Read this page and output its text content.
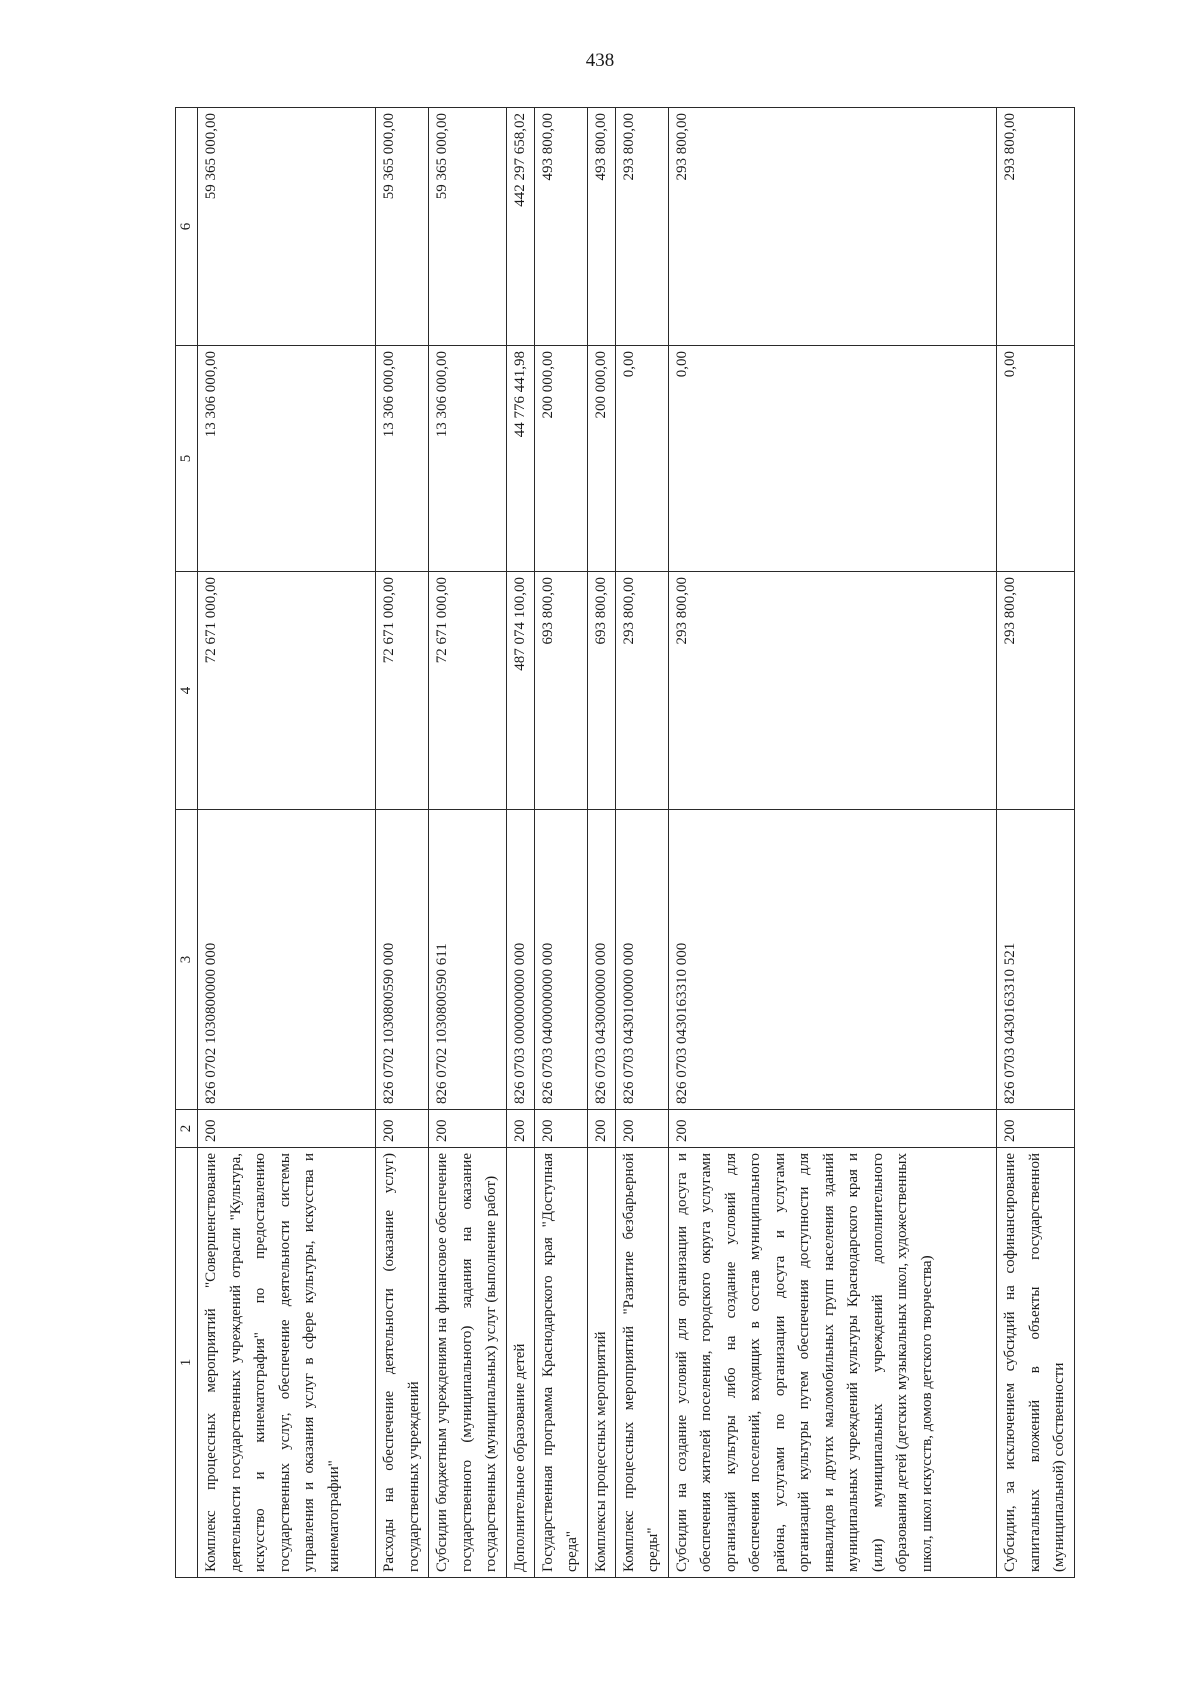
438
1	2	3	4	5	6
Комплекс процессных мероприятий "Совершенствование деятельности государственных учреждений отрасли "Культура, искусство и кинематография" по предоставлению государственных услуг, обеспечение деятельности системы управления и оказания услуг в сфере культуры, искусства и кинематографии"	200	826 0702 1030800000 000	72 671 000,00	13 306 000,00	59 365 000,00
Расходы на обеспечение деятельности (оказание услуг) государственных учреждений	200	826 0702 1030800590 000	72 671 000,00	13 306 000,00	59 365 000,00
Субсидии бюджетным учреждениям на финансовое обеспечение государственного (муниципального) задания на оказание государственных (муниципальных) услуг (выполнение работ)	200	826 0702 1030800590 611	72 671 000,00	13 306 000,00	59 365 000,00
Дополнительное образование детей	200	826 0703 0000000000 000	487 074 100,00	44 776 441,98	442 297 658,02
Государственная программа Краснодарского края "Доступная среда"	200	826 0703 0400000000 000	693 800,00	200 000,00	493 800,00
Комплексы процессных мероприятий	200	826 0703 0430000000 000	693 800,00	200 000,00	493 800,00
Комплекс процессных мероприятий "Развитие безбарьерной среды"	200	826 0703 0430100000 000	293 800,00	0,00	293 800,00
Субсидии на создание условий для организации досуга и обеспечения жителей поселения, городского округа услугами организаций культуры либо на создание условий для обеспечения поселений, входящих в состав муниципального района, услугами по организации досуга и услугами организаций культуры путем обеспечения доступности для инвалидов и других маломобильных групп населения зданий муниципальных учреждений культуры Краснодарского края и (или) муниципальных учреждений дополнительного образования детей (детских музыкальных школ, художественных школ, школ искусств, домов детского творчества)	200	826 0703 0430163310 000	293 800,00	0,00	293 800,00
Субсидии, за исключением субсидий на софинансирование капитальных вложений в объекты государственной (муниципальной) собственности	200	826 0703 0430163310 521	293 800,00	0,00	293 800,00
